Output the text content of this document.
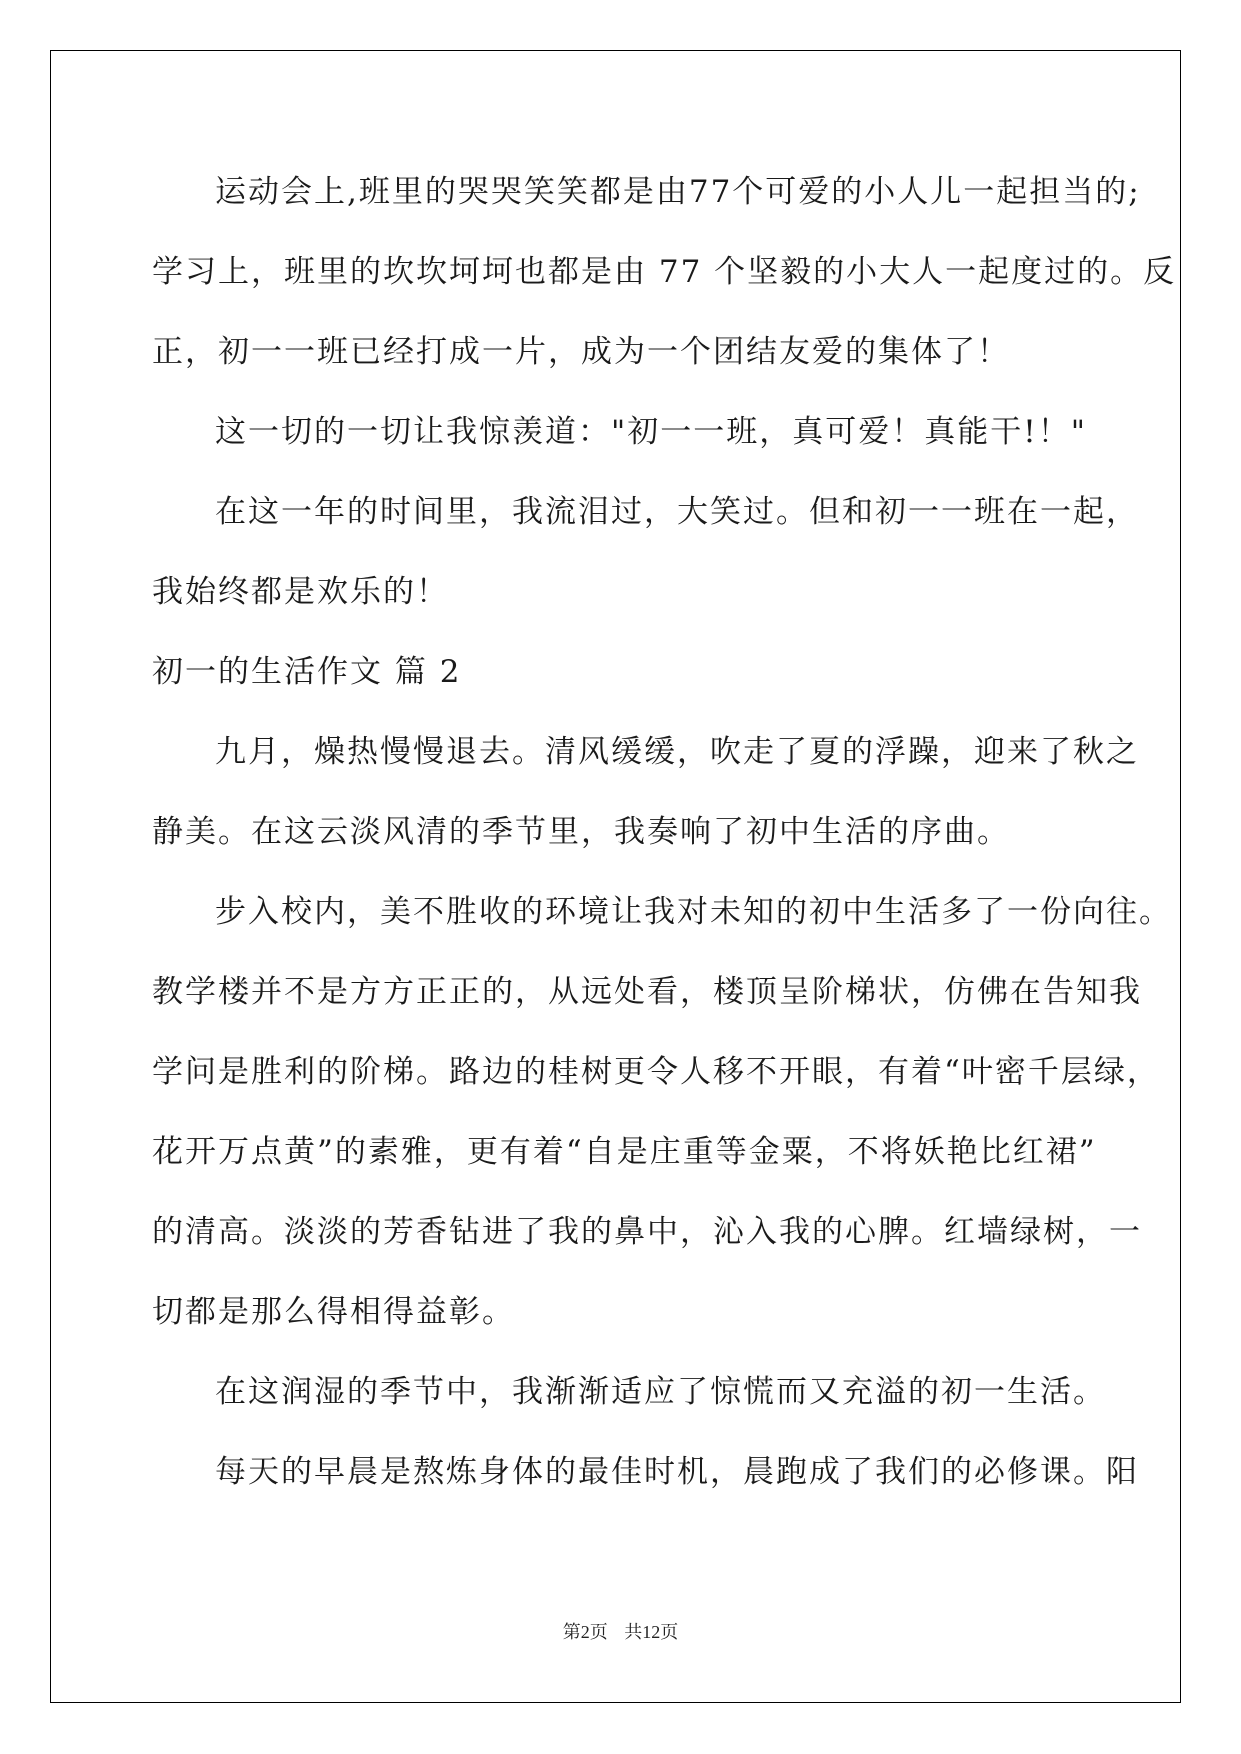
运动会上,班里的哭哭笑笑都是由77个可爱的小人儿一起担当的;
学习上，班里的坎坎坷坷也都是由 77 个坚毅的小大人一起度过的。反
正，初一一班已经打成一片，成为一个团结友爱的集体了！
这一切的一切让我惊羡道："初一一班，真可爱！真能干!！"
在这一年的时间里，我流泪过，大笑过。但和初一一班在一起，
我始终都是欢乐的！
初一的生活作文 篇 2
九月，燥热慢慢退去。清风缓缓，吹走了夏的浮躁，迎来了秋之
静美。在这云淡风清的季节里，我奏响了初中生活的序曲。
步入校内，美不胜收的环境让我对未知的初中生活多了一份向往。
教学楼并不是方方正正的，从远处看，楼顶呈阶梯状，仿佛在告知我
学问是胜利的阶梯。路边的桂树更令人移不开眼，有着“叶密千层绿，
花开万点黄”的素雅，更有着“自是庄重等金粟，不将妖艳比红裙”
的清高。淡淡的芳香钻进了我的鼻中，沁入我的心脾。红墙绿树，一
切都是那么得相得益彰。
在这润湿的季节中，我渐渐适应了惊慌而又充溢的初一生活。
每天的早晨是熬炼身体的最佳时机，晨跑成了我们的必修课。阳
第2页 共12页
